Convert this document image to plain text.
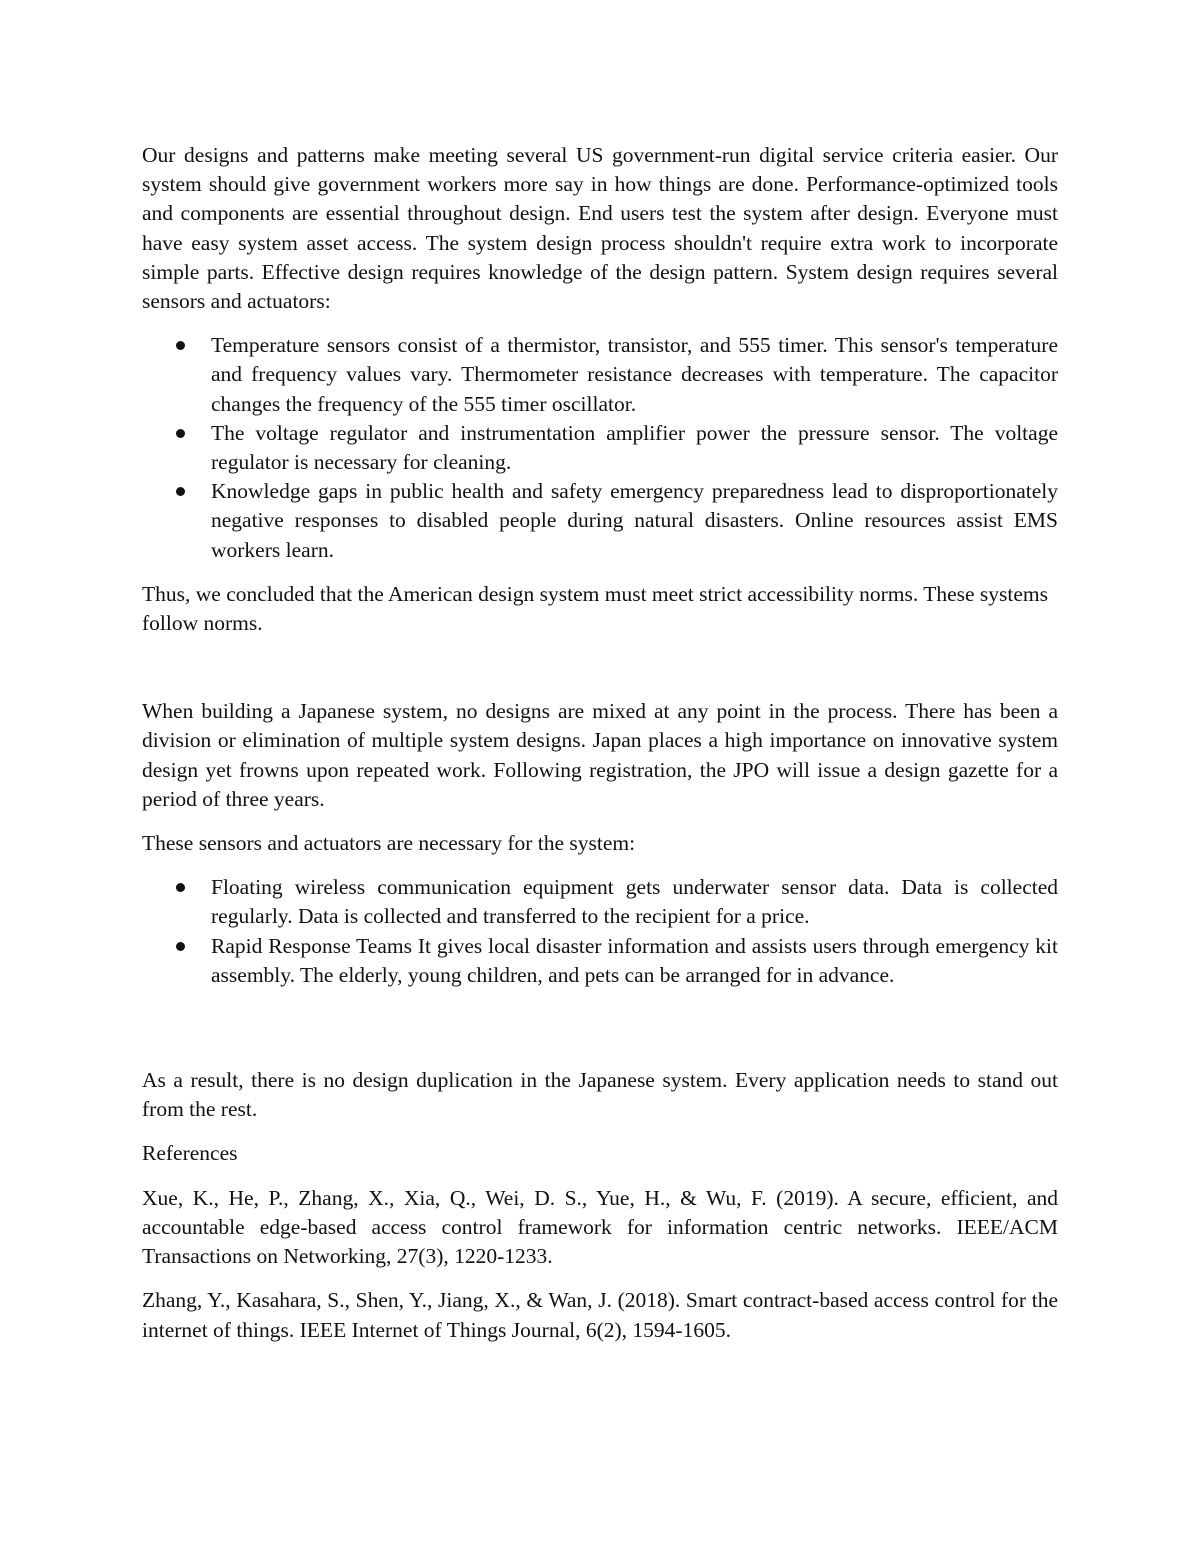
Our designs and patterns make meeting several US government-run digital service criteria easier. Our system should give government workers more say in how things are done. Performance-optimized tools and components are essential throughout design. End users test the system after design. Everyone must have easy system asset access. The system design process shouldn't require extra work to incorporate simple parts. Effective design requires knowledge of the design pattern. System design requires several sensors and actuators:

Temperature sensors consist of a thermistor, transistor, and 555 timer. This sensor's temperature and frequency values vary. Thermometer resistance decreases with temperature. The capacitor changes the frequency of the 555 timer oscillator.
The voltage regulator and instrumentation amplifier power the pressure sensor. The voltage regulator is necessary for cleaning.
Knowledge gaps in public health and safety emergency preparedness lead to disproportionately negative responses to disabled people during natural disasters. Online resources assist EMS workers learn.

Thus, we concluded that the American design system must meet strict accessibility norms. These systems follow norms.

When building a Japanese system, no designs are mixed at any point in the process. There has been a division or elimination of multiple system designs. Japan places a high importance on innovative system design yet frowns upon repeated work. Following registration, the JPO will issue a design gazette for a period of three years.

These sensors and actuators are necessary for the system:

Floating wireless communication equipment gets underwater sensor data. Data is collected regularly. Data is collected and transferred to the recipient for a price.
Rapid Response Teams It gives local disaster information and assists users through emergency kit assembly. The elderly, young children, and pets can be arranged for in advance.

As a result, there is no design duplication in the Japanese system. Every application needs to stand out from the rest.

References

Xue, K., He, P., Zhang, X., Xia, Q., Wei, D. S., Yue, H., & Wu, F. (2019). A secure, efficient, and accountable edge-based access control framework for information centric networks. IEEE/ACM Transactions on Networking, 27(3), 1220-1233.

Zhang, Y., Kasahara, S., Shen, Y., Jiang, X., & Wan, J. (2018). Smart contract-based access control for the internet of things. IEEE Internet of Things Journal, 6(2), 1594-1605.
